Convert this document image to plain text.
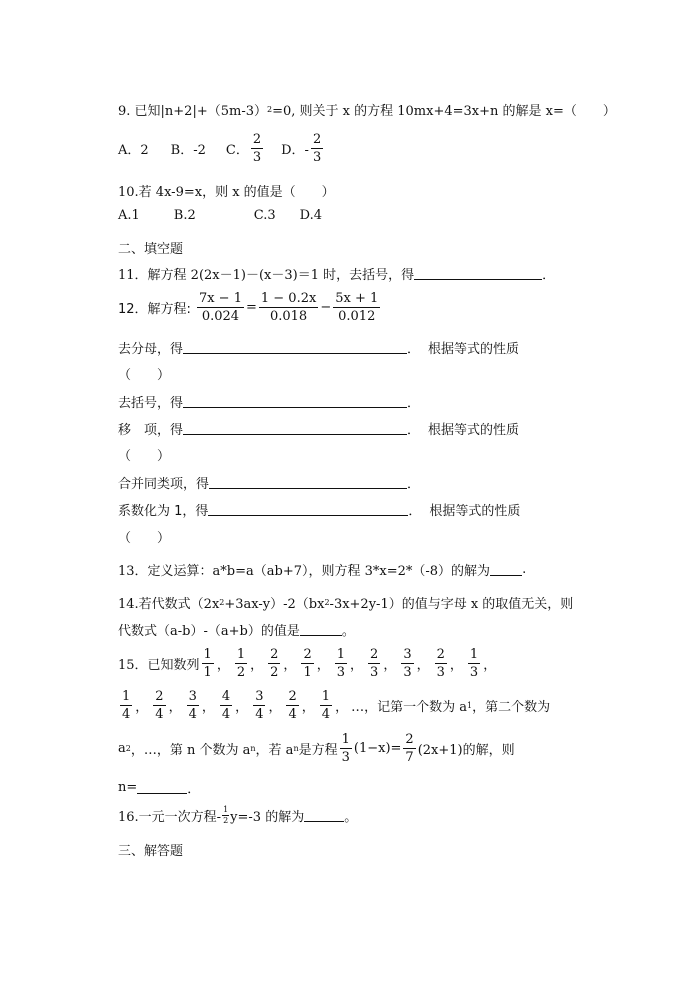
9. 已知|n+2|+（5m-3） 2 =0, 则关于 x 的方程 10mx+4=3x+n 的解是 x=（ ）
A．2 B．-2 C． $\frac{2}{3}$ D．- $\frac{2}{3}$
10.若 4x-9=x，则 x 的值是（　　）
A.1	B.2	C.3 D.4
二、填空题
11．解方程 2(2x－1)－(x－3)＝1 时，去括号，得	．
12．解方程: $\frac{7x - 1}{0.024} = \frac{1 - 0.2x}{0.018} - \frac{5x + 1}{0.012}$
去分母，得	． 根据等式的性质
（　　）
去括号，得	．
移　项，得	． 根据等式的性质
（　　）
合并同类项，得	．
系数化为 1，得	． 根据等式的性质
（　　）
13．定义运算：a*b=a（ab+7），则方程 3*x=2*（-8）的解为 .
14.若代数式（2x 2 +3ax-y）-2（bx 2 -3x+2y-1）的值与字母 x 的取值无关，则
代数式（a-b）-（a+b）的值是	。
15．已知数列 $\frac{1}{1}$ ， $\frac{1}{2}$ ， $\frac{2}{2}$ ， $\frac{2}{1}$ ， $\frac{1}{3}$ ， $\frac{2}{3}$ ， $\frac{3}{3}$ ， $\frac{2}{3}$ ， $\frac{1}{3}$ ，
$\frac{1}{4}$ ， $\frac{2}{4}$ ， $\frac{3}{4}$ ， $\frac{4}{4}$ ， $\frac{3}{4}$ ， $\frac{2}{4}$ ， $\frac{1}{4}$ ， …，记第一个数为 a 1 ，第二个数为
a 2 ，…，第 n 个数为 a n ，若 a n 是方程 $\frac{1}{3} (1-x)= \frac{2}{7} (2x+1)$的解，则
n=	．
16.一元一次方程- $\frac{1}{2} y=-3$ 的解为	。
三、解答题
